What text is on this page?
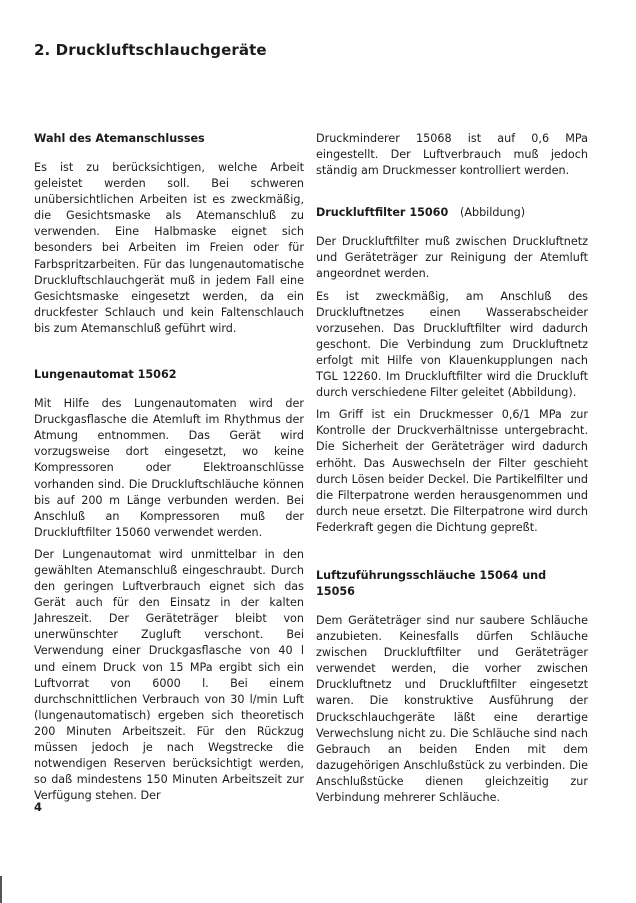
2. Druckluftschlauchgeräte
Wahl des Atemanschlusses

Es ist zu berücksichtigen, welche Arbeit geleistet werden soll. Bei schweren unübersichtlichen Arbeiten ist es zweckmäßig, die Gesichtsmaske als Atemanschluß zu verwenden. Eine Halbmaske eignet sich besonders bei Arbeiten im Freien oder für Farbspritzarbeiten. Für das lungenautomatische Druckluftschlauchgerät muß in jedem Fall eine Gesichtsmaske eingesetzt werden, da ein druckfester Schlauch und kein Faltenschlauch bis zum Atemanschluß geführt wird.

Lungenautomat 15062

Mit Hilfe des Lungenautomaten wird der Druckgasflasche die Atemluft im Rhythmus der Atmung entnommen. Das Gerät wird vorzugsweise dort eingesetzt, wo keine Kompressoren oder Elektroanschlüsse vorhanden sind. Die Druckluftschläuche können bis auf 200 m Länge verbunden werden. Bei Anschluß an Kompressoren muß der Druckluftfilter 15060 verwendet werden.

Der Lungenautomat wird unmittelbar in den gewählten Atemanschluß eingeschraubt. Durch den geringen Luftverbrauch eignet sich das Gerät auch für den Einsatz in der kalten Jahreszeit. Der Geräteträger bleibt von unerwünschter Zugluft verschont. Bei Verwendung einer Druckgasflasche von 40 l und einem Druck von 15 MPa ergibt sich ein Luftvorrat von 6000 l. Bei einem durchschnittlichen Verbrauch von 30 l/min Luft (lungenautomatisch) ergeben sich theoretisch 200 Minuten Arbeitszeit. Für den Rückzug müssen jedoch je nach Wegstrecke die notwendigen Reserven berücksichtigt werden, so daß mindestens 150 Minuten Arbeitszeit zur Verfügung stehen. Der

Druckminderer 15068 ist auf 0,6 MPa eingestellt. Der Luftverbrauch muß jedoch ständig am Druckmesser kontrolliert werden.

Druckluftfilter 15060 (Abbildung)

Der Druckluftfilter muß zwischen Druckluftnetz und Geräteträger zur Reinigung der Atemluft angeordnet werden.

Es ist zweckmäßig, am Anschluß des Druckluftnetzes einen Wasserabscheider vorzusehen. Das Druckluftfilter wird dadurch geschont. Die Verbindung zum Druckluftnetz erfolgt mit Hilfe von Klauenkupplungen nach TGL 12260. Im Druckluftfilter wird die Druckluft durch verschiedene Filter geleitet (Abbildung).

Im Griff ist ein Druckmesser 0,6/1 MPa zur Kontrolle der Druckverhältnisse untergebracht. Die Sicherheit der Geräteträger wird dadurch erhöht. Das Auswechseln der Filter geschieht durch Lösen beider Deckel. Die Partikelfilter und die Filterpatrone werden herausgenommen und durch neue ersetzt. Die Filterpatrone wird durch Federkraft gegen die Dichtung gepreßt.

Luftzuführungsschläuche 15064 und 15056

Dem Geräteträger sind nur saubere Schläuche anzubieten. Keinesfalls dürfen Schläuche zwischen Druckluftfilter und Geräteträger verwendet werden, die vorher zwischen Druckluftnetz und Druckluftfilter eingesetzt waren. Die konstruktive Ausführung der Druckschlauchgeräte läßt eine derartige Verwechslung nicht zu. Die Schläuche sind nach Gebrauch an beiden Enden mit dem dazugehörigen Anschlußstück zu verbinden. Die Anschlußstücke dienen gleichzeitig zur Verbindung mehrerer Schläuche.

4
